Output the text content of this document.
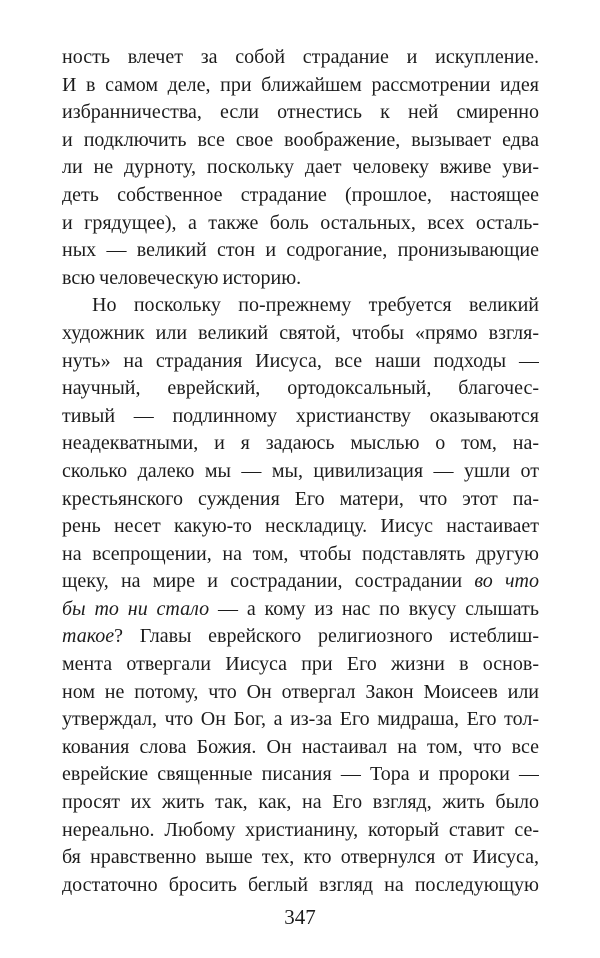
ность влечет за собой страдание и искупление.
И в самом деле, при ближайшем рассмотрении идея
избранничества, если отнестись к ней смиренно
и подключить все свое воображение, вызывает едва
ли не дурноту, поскольку дает человеку вживе уви-
деть собственное страдание (прошлое, настоящее
и грядущее), а также боль остальных, всех осталь-
ных — великий стон и содрогание, пронизывающие
всю человеческую историю.
Но поскольку по-прежнему требуется великий
художник или великий святой, чтобы «прямо взгля-
нуть» на страдания Иисуса, все наши подходы —
научный, еврейский, ортодоксальный, благочес-
тивый — подлинному христианству оказываются
неадекватными, и я задаюсь мыслью о том, на-
сколько далеко мы — мы, цивилизация — ушли от
крестьянского суждения Его матери, что этот па-
рень несет какую-то нескладицу. Иисус настаивает
на всепрощении, на том, чтобы подставлять другую
щеку, на мире и сострадании, сострадании во что
бы то ни стало — а кому из нас по вкусу слышать
такое? Главы еврейского религиозного истеблиш-
мента отвергали Иисуса при Его жизни в основ-
ном не потому, что Он отвергал Закон Моисеев или
утверждал, что Он Бог, а из-за Его мидраша, Его тол-
кования слова Божия. Он настаивал на том, что все
еврейские священные писания — Тора и пророки —
просят их жить так, как, на Его взгляд, жить было
нереально. Любому христианину, который ставит се-
бя нравственно выше тех, кто отвернулся от Иисуса,
достаточно бросить беглый взгляд на последующую
347
